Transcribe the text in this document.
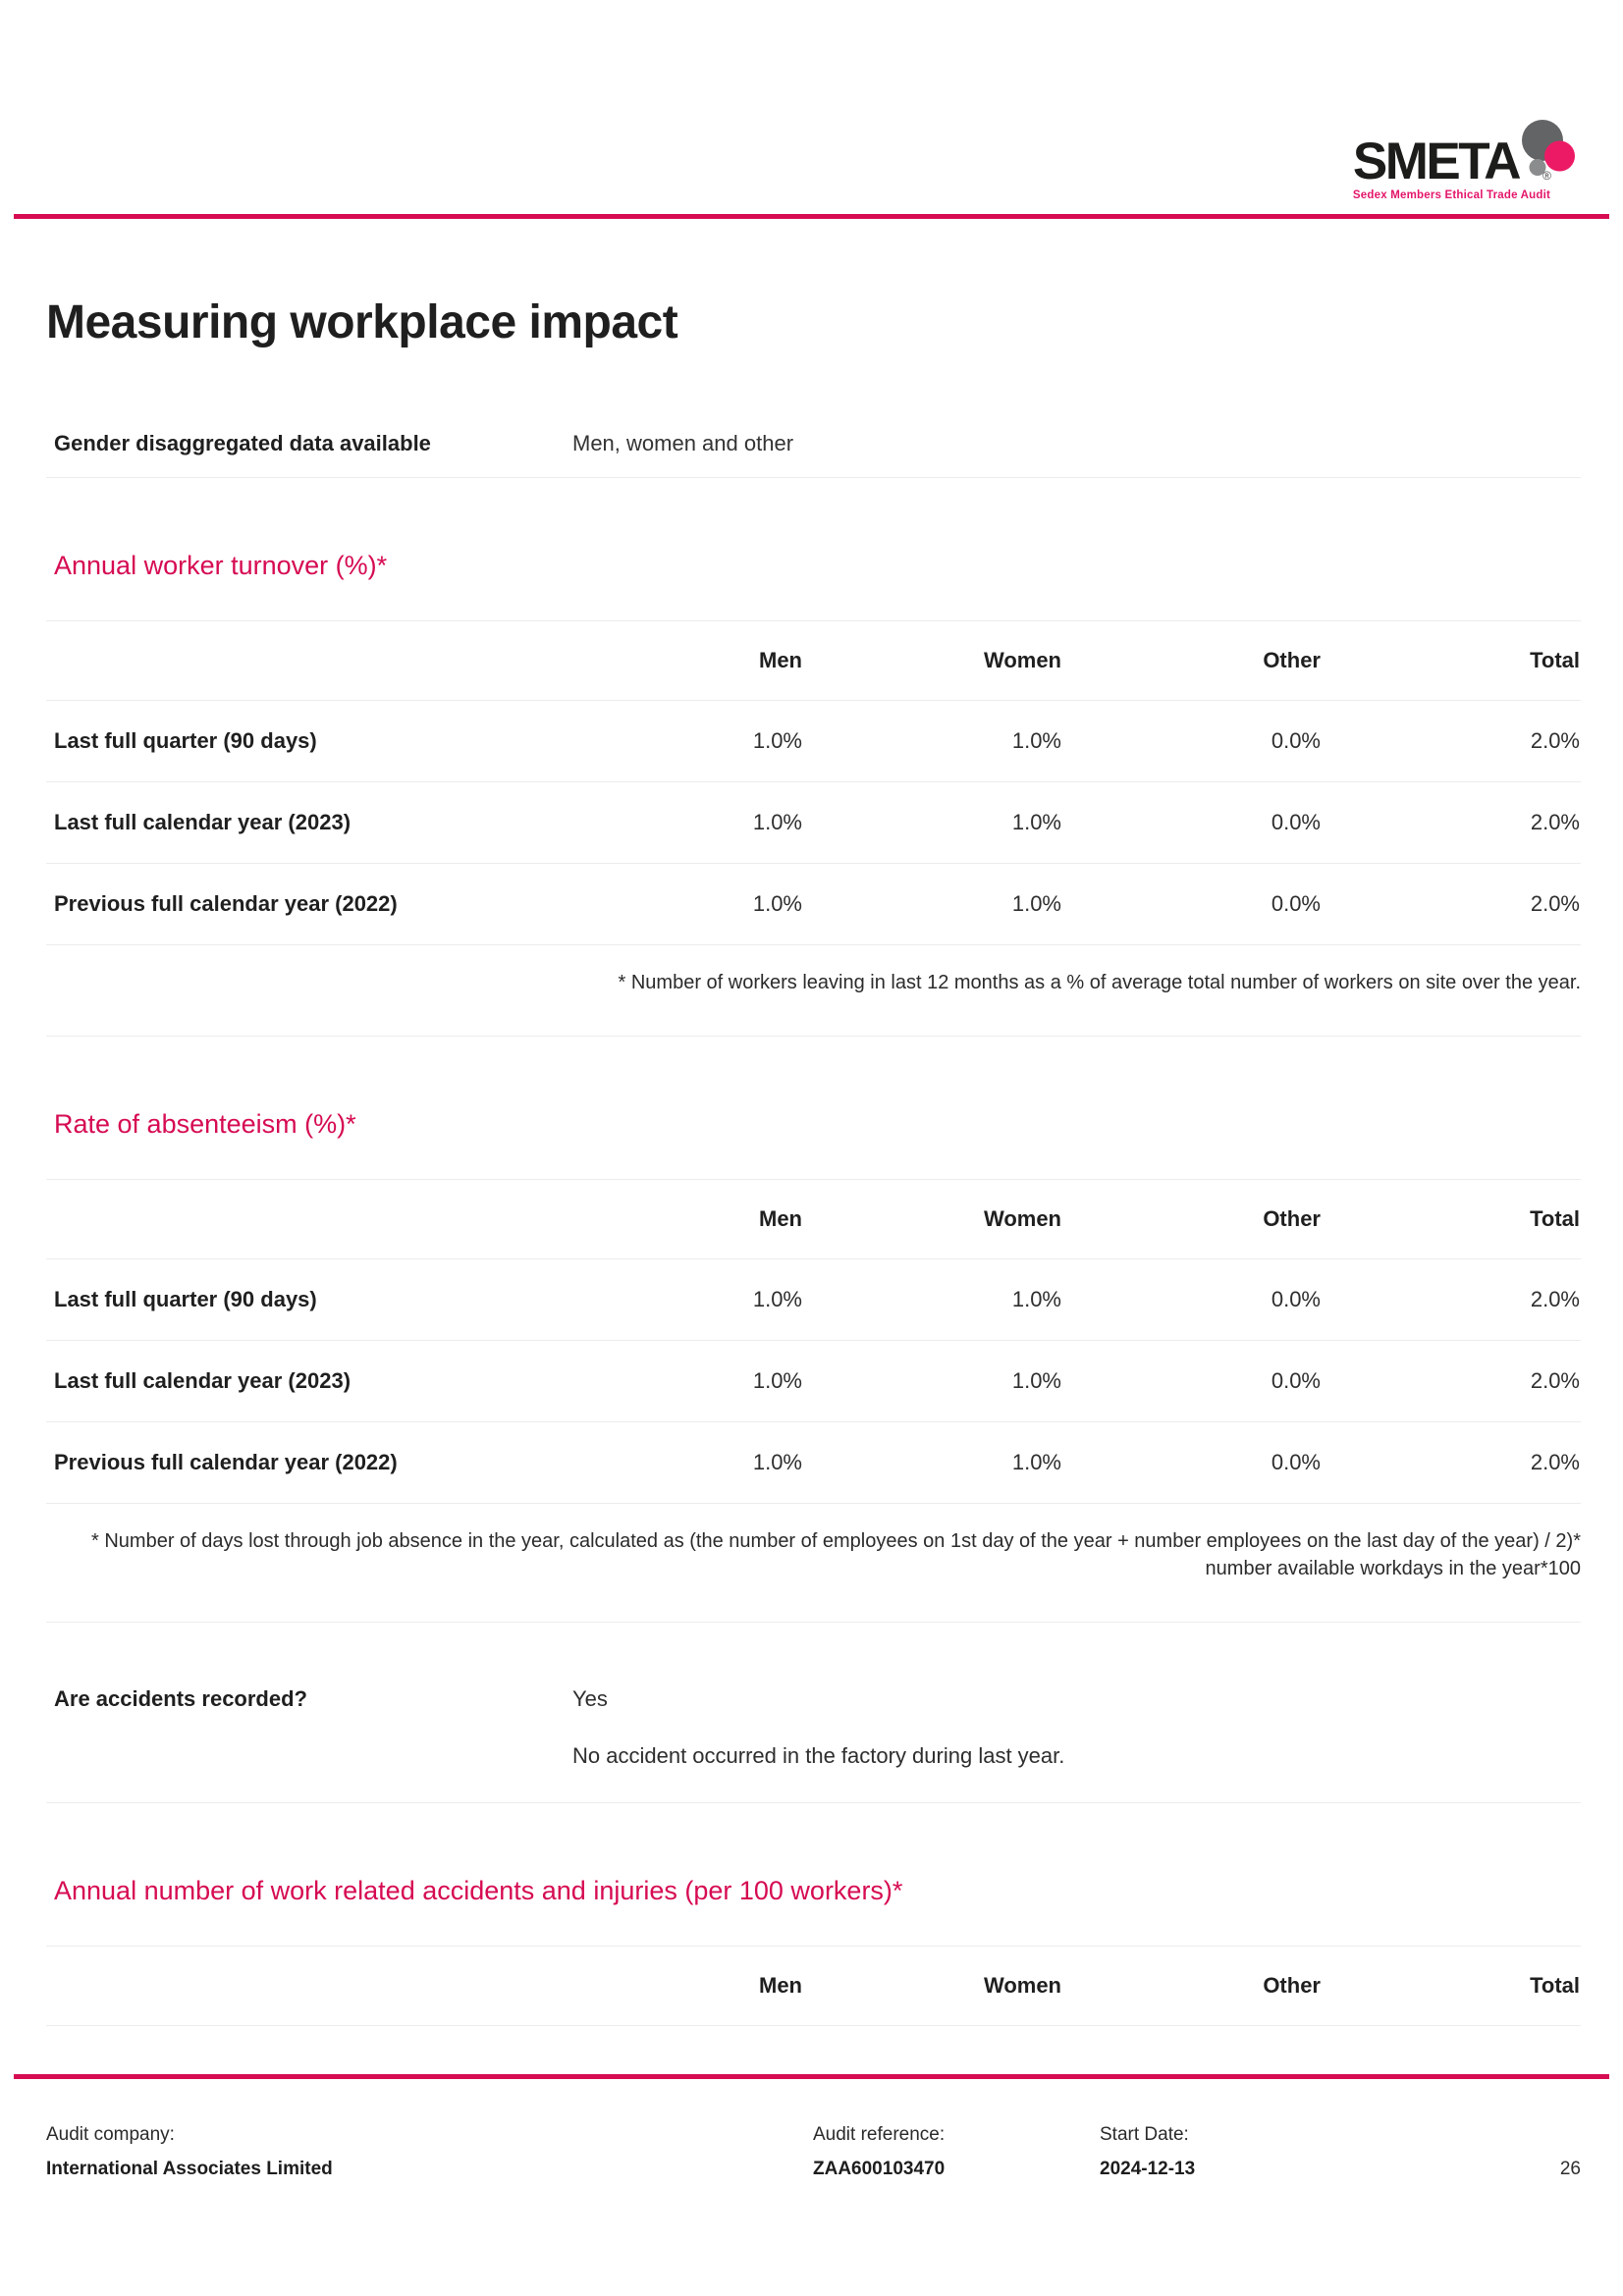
SMETA ®
Sedex Members Ethical Trade Audit
Measuring workplace impact
Gender disaggregated data available	Men, women and other
Annual worker turnover (%)*
	Men	Women	Other	Total
Last full quarter (90 days)	1.0%	1.0%	0.0%	2.0%
Last full calendar year (2023)	1.0%	1.0%	0.0%	2.0%
Previous full calendar year (2022)	1.0%	1.0%	0.0%	2.0%

* Number of workers leaving in last 12 months as a % of average total number of workers on site over the year.

Rate of absenteeism (%)*
	Men	Women	Other	Total
Last full quarter (90 days)	1.0%	1.0%	0.0%	2.0%
Last full calendar year (2023)	1.0%	1.0%	0.0%	2.0%
Previous full calendar year (2022)	1.0%	1.0%	0.0%	2.0%

* Number of days lost through job absence in the year, calculated as (the number of employees on 1st day of the year + number employees on the last day of the year) / 2)* number available workdays in the year*100

Are accidents recorded?	Yes
No accident occurred in the factory during last year.
Annual number of work related accidents and injuries (per 100 workers)*
	Men	Women	Other	Total
Audit company:	Audit reference:	Start Date:
International Associates Limited	ZAA600103470	2024-12-13	26
